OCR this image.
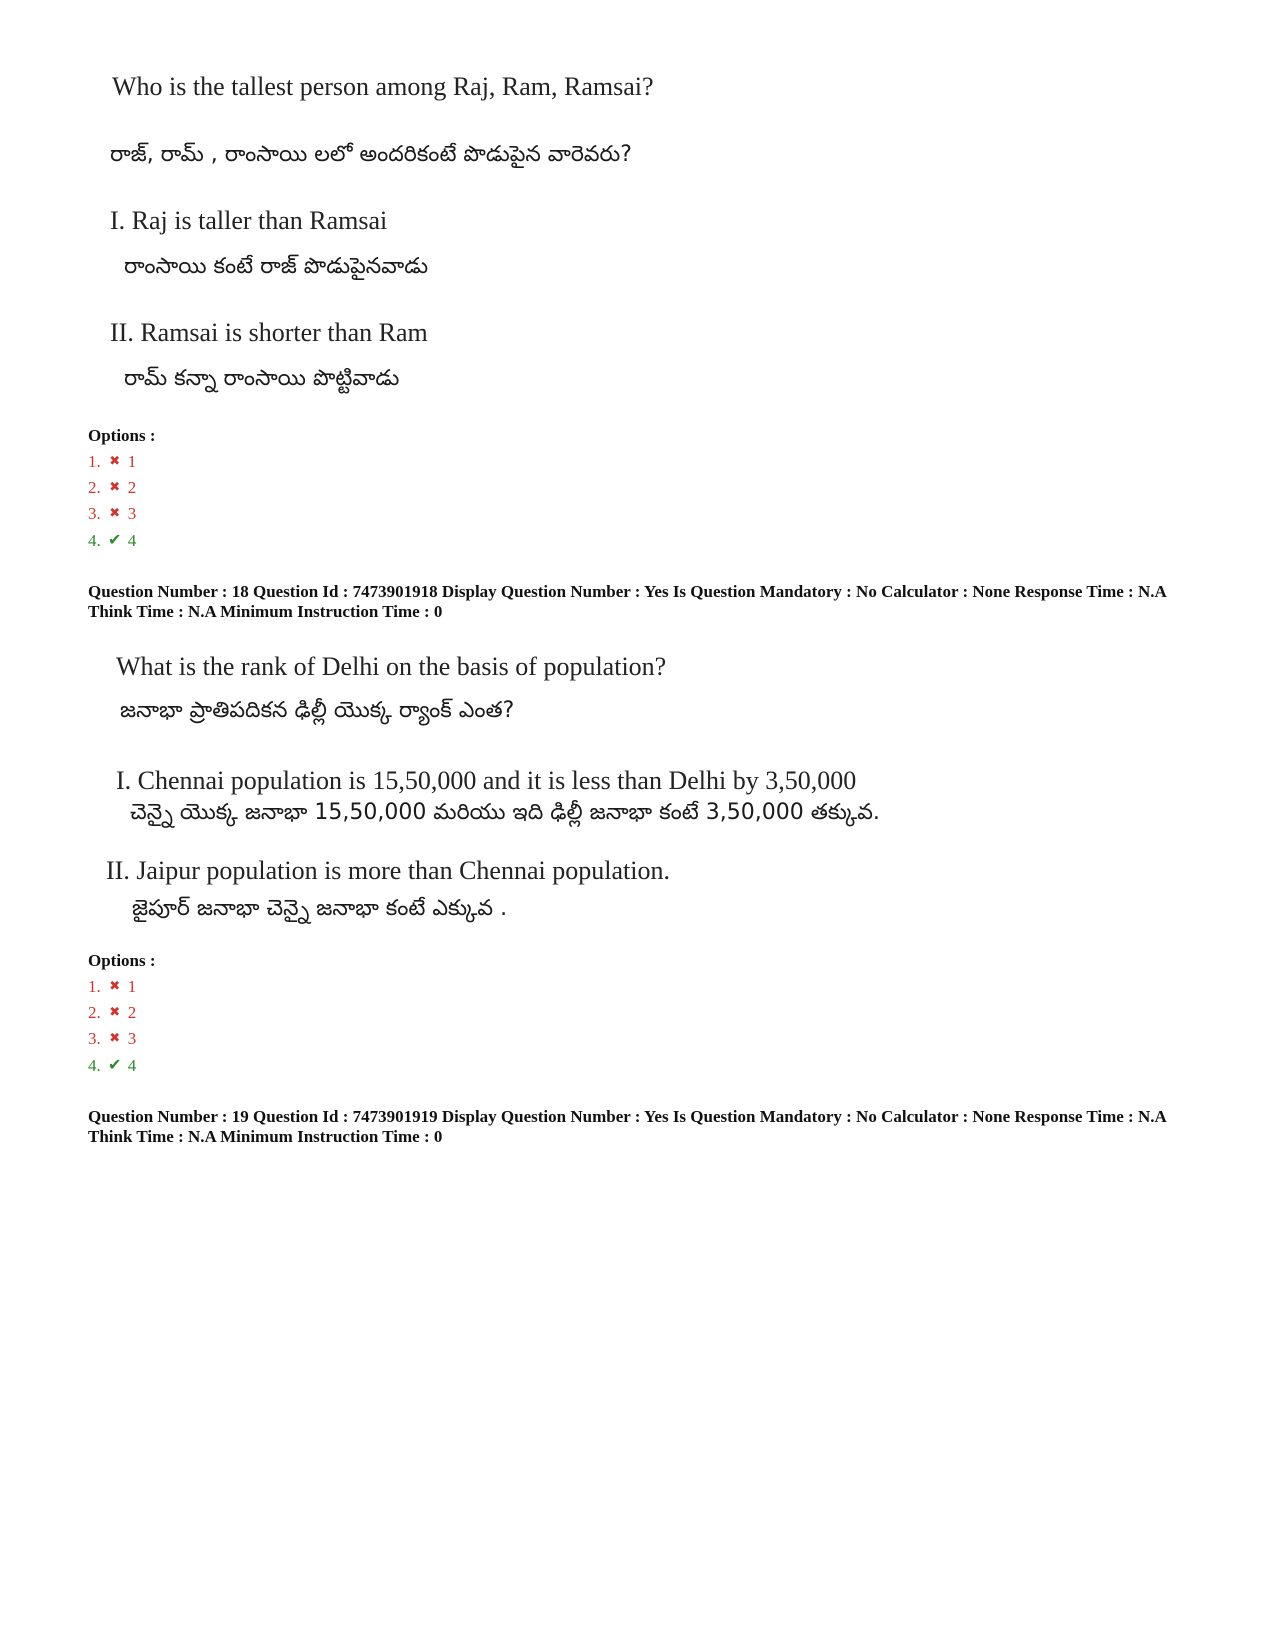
Who is the tallest person among Raj, Ram, Ramsai?
రాజ్, రామ్ , రాంసాయి లలో అందరికంటే పొడుపైన వారెవరు?
I. Raj is taller than Ramsai
రాంసాయి కంటే రాజ్ పొడుపైనవాడు
II. Ramsai is shorter than Ram
రామ్ కన్నా రాంసాయి పొట్టివాడు
Options :
1. ✖ 1
2. ✖ 2
3. ✖ 3
4. ✔ 4
Question Number : 18 Question Id : 7473901918 Display Question Number : Yes Is Question Mandatory : No Calculator : None Response Time : N.A Think Time : N.A Minimum Instruction Time : 0
What is the rank of Delhi on the basis of population?
జనాభా ప్రాతిపదికన ఢిల్లీ యొక్క ర్యాంక్ ఎంత?
I. Chennai population is 15,50,000 and it is less than Delhi by 3,50,000
చెన్నై యొక్క జనాభా 15,50,000 మరియు ఇది ఢిల్లీ జనాభా కంటే 3,50,000 తక్కువ.
II. Jaipur population is more than Chennai population.
జైపూర్ జనాభా చెన్నై జనాభా కంటే ఎక్కువ .
Options :
1. ✖ 1
2. ✖ 2
3. ✖ 3
4. ✔ 4
Question Number : 19 Question Id : 7473901919 Display Question Number : Yes Is Question Mandatory : No Calculator : None Response Time : N.A Think Time : N.A Minimum Instruction Time : 0
